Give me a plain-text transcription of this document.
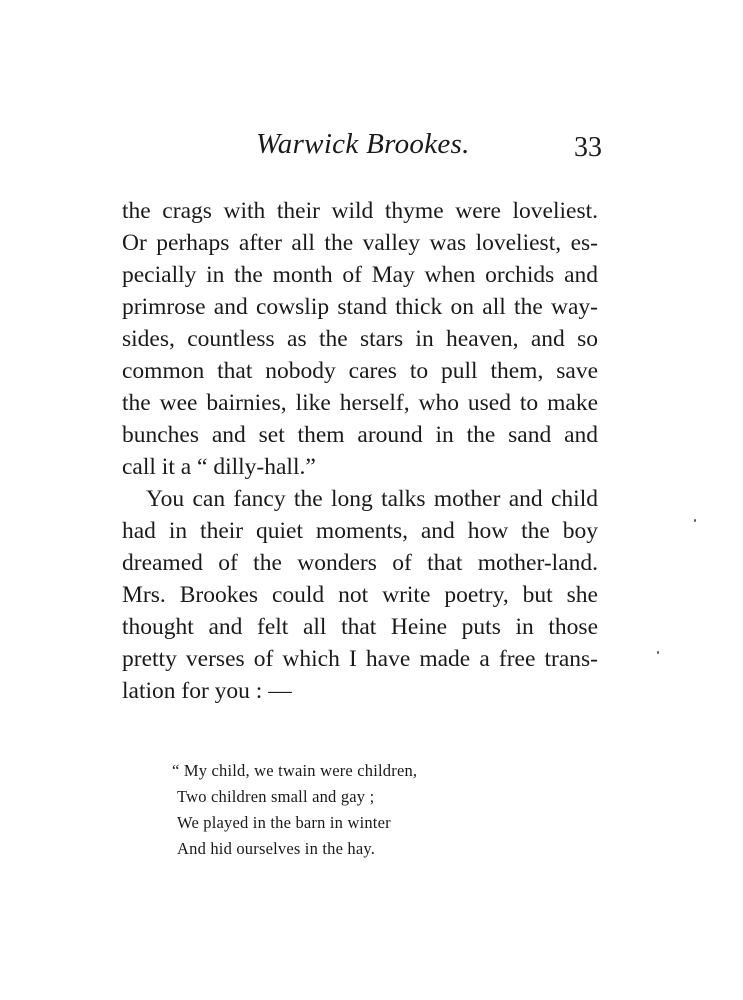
Warwick Brookes.	33
the crags with their wild thyme were loveliest.
Or perhaps after all the valley was loveliest, es-
pecially in the month of May when orchids and
primrose and cowslip stand thick on all the way-
sides, countless as the stars in heaven, and so
common that nobody cares to pull them, save
the wee bairnies, like herself, who used to make
bunches and set them around in the sand and
call it a “ dilly-hall.”
You can fancy the long talks mother and child
had in their quiet moments, and how the boy
dreamed of the wonders of that mother-land.
Mrs. Brookes could not write poetry, but she
thought and felt all that Heine puts in those
pretty verses of which I have made a free trans-
lation for you : —
“ My child, we twain were children,
Two children small and gay ;
We played in the barn in winter
And hid ourselves in the hay.
